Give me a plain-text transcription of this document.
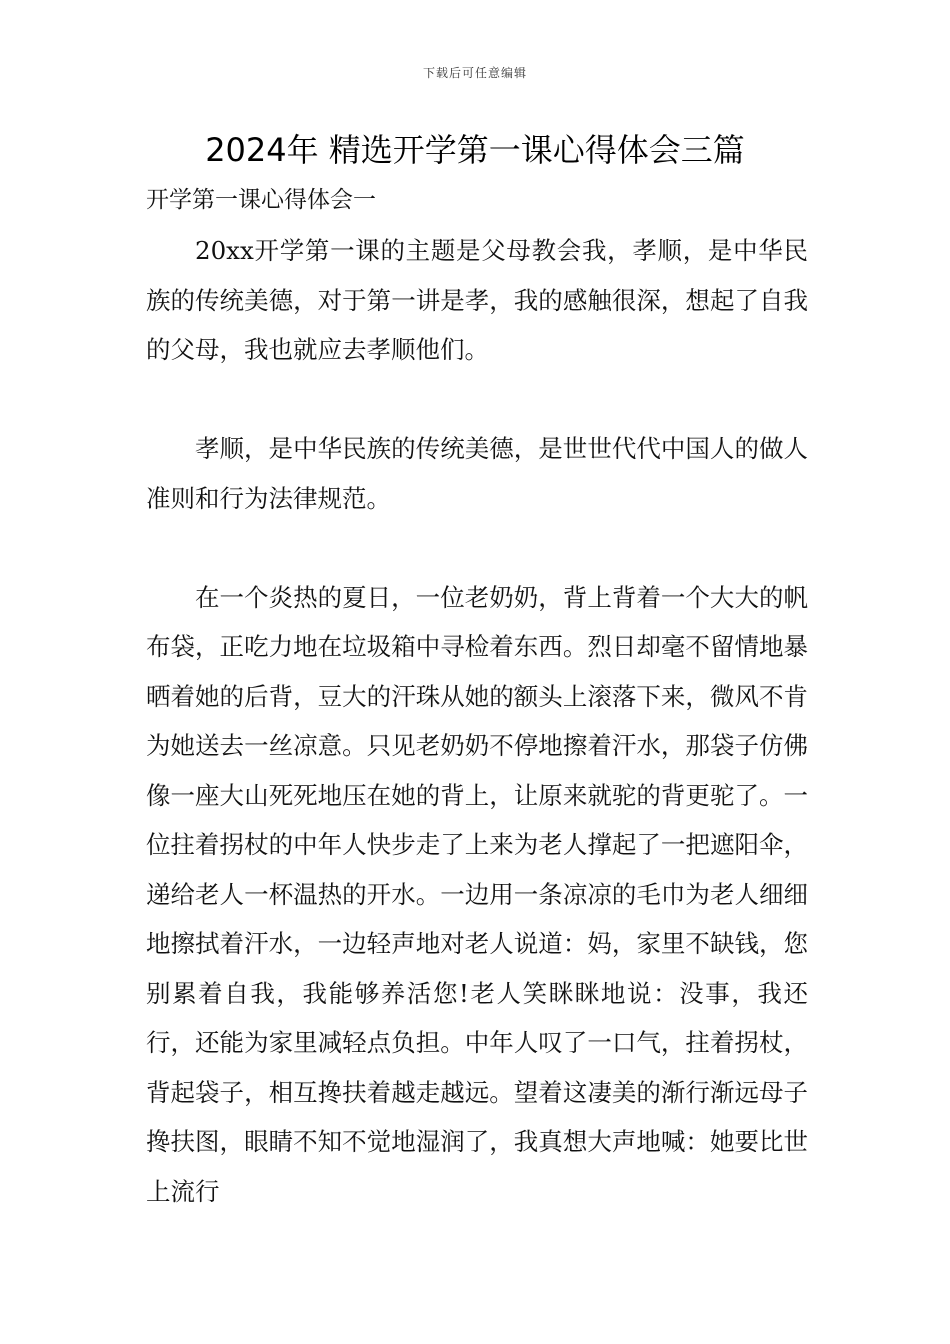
下载后可任意编辑
2024年 精选开学第一课心得体会三篇
开学第一课心得体会一

20xx开学第一课的主题是父母教会我，孝顺，是中华民族的传统美德，对于第一讲是孝，我的感触很深，想起了自我的父母，我也就应去孝顺他们。

孝顺，是中华民族的传统美德，是世世代代中国人的做人准则和行为法律规范。

在一个炎热的夏日，一位老奶奶，背上背着一个大大的帆布袋，正吃力地在垃圾箱中寻检着东西。烈日却毫不留情地暴晒着她的后背，豆大的汗珠从她的额头上滚落下来，微风不肯为她送去一丝凉意。只见老奶奶不停地擦着汗水，那袋子仿佛像一座大山死死地压在她的背上，让原来就驼的背更驼了。一位拄着拐杖的中年人快步走了上来为老人撑起了一把遮阳伞，递给老人一杯温热的开水。一边用一条凉凉的毛巾为老人细细地擦拭着汗水，一边轻声地对老人说道：妈，家里不缺钱，您别累着自我，我能够养活您!老人笑眯眯地说：没事，我还行，还能为家里减轻点负担。中年人叹了一口气，拄着拐杖，背起袋子，相互搀扶着越走越远。望着这凄美的渐行渐远母子搀扶图，眼睛不知不觉地湿润了，我真想大声地喊：她要比世上流行
